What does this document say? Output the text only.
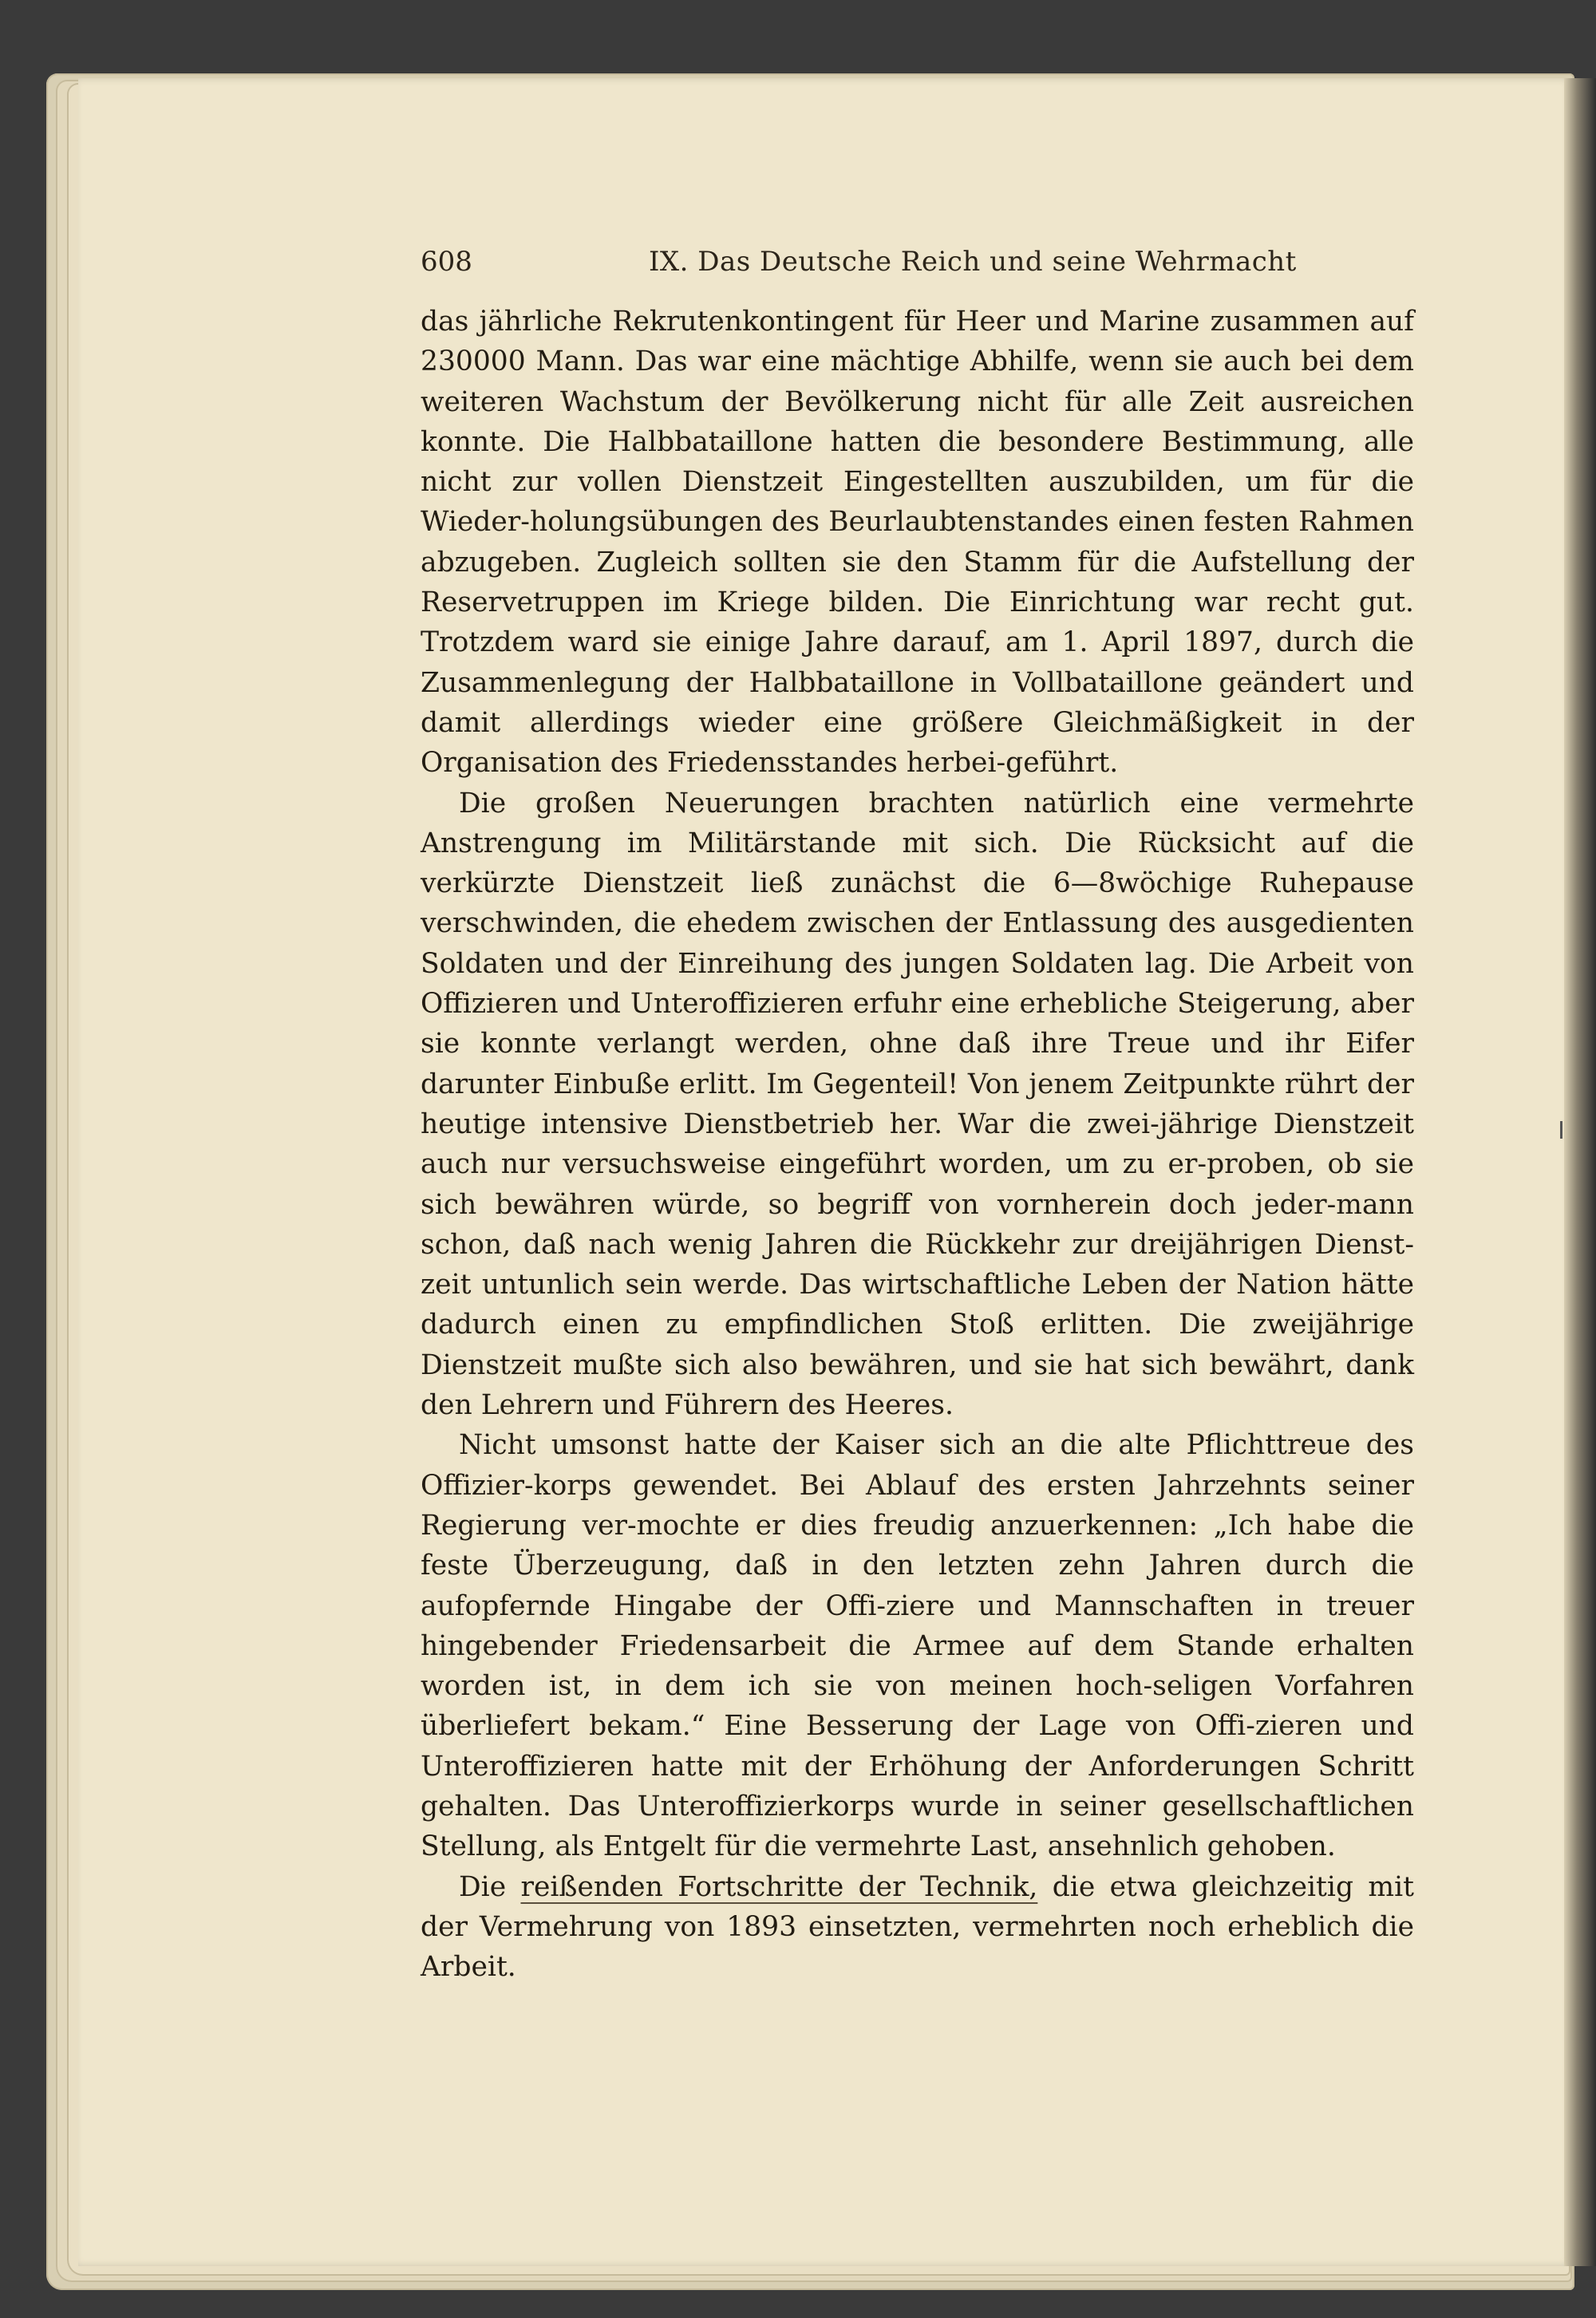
608	IX. Das Deutsche Reich und seine Wehrmacht

das jährliche Rekrutenkontingent für Heer und Marine zusammen auf 230000 Mann. Das war eine mächtige Abhilfe, wenn sie auch bei dem weiteren Wachstum der Bevölkerung nicht für alle Zeit ausreichen konnte. Die Halbbataillone hatten die besondere Bestimmung, alle nicht zur vollen Dienstzeit Eingestellten auszubilden, um für die Wieder-holungsübungen des Beurlaubtenstandes einen festen Rahmen abzugeben. Zugleich sollten sie den Stamm für die Aufstellung der Reservetruppen im Kriege bilden. Die Einrichtung war recht gut. Trotzdem ward sie einige Jahre darauf, am 1. April 1897, durch die Zusammenlegung der Halbbataillone in Vollbataillone geändert und damit allerdings wieder eine größere Gleichmäßigkeit in der Organisation des Friedensstandes herbei-geführt.

Die großen Neuerungen brachten natürlich eine vermehrte Anstrengung im Militärstande mit sich. Die Rücksicht auf die verkürzte Dienstzeit ließ zunächst die 6—8wöchige Ruhepause verschwinden, die ehedem zwischen der Entlassung des ausgedienten Soldaten und der Einreihung des jungen Soldaten lag. Die Arbeit von Offizieren und Unteroffizieren erfuhr eine erhebliche Steigerung, aber sie konnte verlangt werden, ohne daß ihre Treue und ihr Eifer darunter Einbuße erlitt. Im Gegenteil! Von jenem Zeitpunkte rührt der heutige intensive Dienstbetrieb her. War die zwei-jährige Dienstzeit auch nur versuchsweise eingeführt worden, um zu er-proben, ob sie sich bewähren würde, so begriff von vornherein doch jeder-mann schon, daß nach wenig Jahren die Rückkehr zur dreijährigen Dienst-zeit untunlich sein werde. Das wirtschaftliche Leben der Nation hätte dadurch einen zu empfindlichen Stoß erlitten. Die zweijährige Dienstzeit mußte sich also bewähren, und sie hat sich bewährt, dank den Lehrern und Führern des Heeres.

Nicht umsonst hatte der Kaiser sich an die alte Pflichttreue des Offizier-korps gewendet. Bei Ablauf des ersten Jahrzehnts seiner Regierung ver-mochte er dies freudig anzuerkennen: „Ich habe die feste Überzeugung, daß in den letzten zehn Jahren durch die aufopfernde Hingabe der Offi-ziere und Mannschaften in treuer hingebender Friedensarbeit die Armee auf dem Stande erhalten worden ist, in dem ich sie von meinen hoch-seligen Vorfahren überliefert bekam.“ Eine Besserung der Lage von Offi-zieren und Unteroffizieren hatte mit der Erhöhung der Anforderungen Schritt gehalten. Das Unteroffizierkorps wurde in seiner gesellschaftlichen Stellung, als Entgelt für die vermehrte Last, ansehnlich gehoben.

Die reißenden Fortschritte der Technik, die etwa gleichzeitig mit der Vermehrung von 1893 einsetzten, vermehrten noch erheblich die Arbeit.
